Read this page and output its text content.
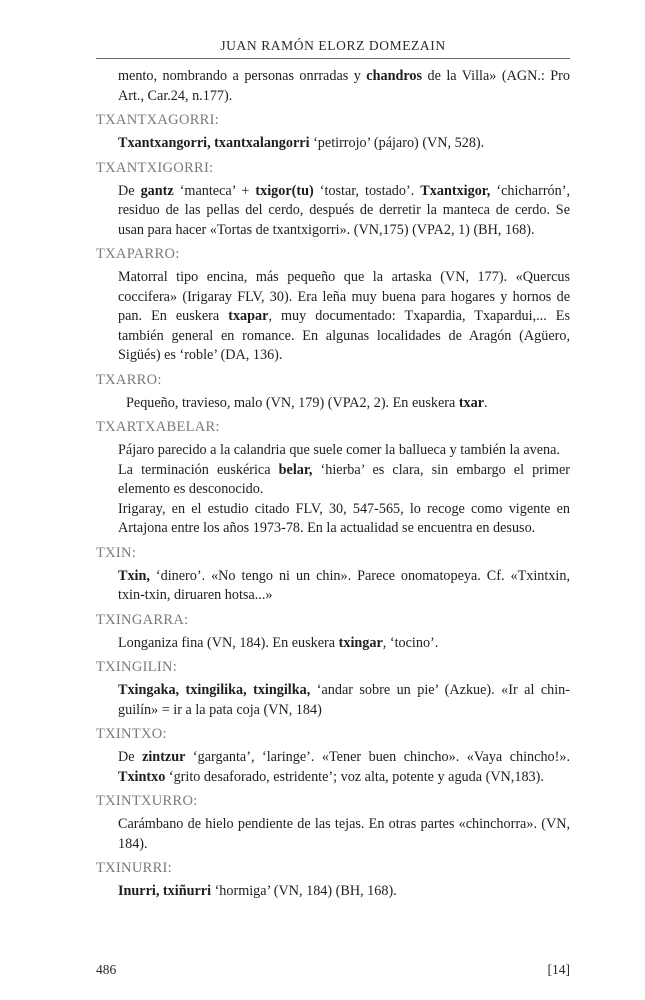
JUAN RAMÓN ELORZ DOMEZAIN

mento, nombrando a personas onrradas y chandros de la Villa» (AGN.: Pro Art., Car.24, n.177).

TXANTXAGORRI:

Txantxangorri, txantxalangorri ‘petirrojo’ (pájaro) (VN, 528).

TXANTXIGORRI:

De gantz ‘manteca’ + txigor(tu) ‘tostar, tostado’. Txantxigor, ‘chicharrón’, residuo de las pellas del cerdo, después de derretir la manteca de cerdo. Se usan para hacer «Tortas de txantxigorri». (VN,175) (VPA2, 1) (BH, 168).

TXAPARRO:

Matorral tipo encina, más pequeño que la artaska (VN, 177). «Quercus coccifera» (Irigaray FLV, 30). Era leña muy buena para hogares y hornos de pan. En euskera txapar, muy documentado: Txapardia, Txapardui,... Es también general en romance. En algunas localidades de Aragón (Agüero, Sigüés) es ‘roble’ (DA, 136).

TXARRO:

Pequeño, travieso, malo (VN, 179) (VPA2, 2). En euskera txar.

TXARTXABELAR:

Pájaro parecido a la calandria que suele comer la ballueca y también la avena.

La terminación euskérica belar, ‘hierba’ es clara, sin embargo el primer elemento es desconocido.

Irigaray, en el estudio citado FLV, 30, 547-565, lo recoge como vigente en Artajona entre los años 1973-78. En la actualidad se encuentra en desuso.

TXIN:

Txin, ‘dinero’. «No tengo ni un chin». Parece onomatopeya. Cf. «Txintxin, txin-txin, diruaren hotsa...»

TXINGARRA:

Longaniza fina (VN, 184). En euskera txingar, ‘tocino’.

TXINGILIN:

Txingaka, txingilika, txingilka, ‘andar sobre un pie’ (Azkue). «Ir al chinguilín» = ir a la pata coja (VN, 184)

TXINTXO:

De zintzur ‘garganta’, ‘laringe’. «Tener buen chincho». «Vaya chincho!». Txintxo ‘grito desaforado, estridente’; voz alta, potente y aguda (VN,183).

TXINTXURRO:

Carámbano de hielo pendiente de las tejas. En otras partes «chinchorra». (VN, 184).

TXINURRI:

Inurri, txiñurri ‘hormiga’ (VN, 184) (BH, 168).

486	[14]
